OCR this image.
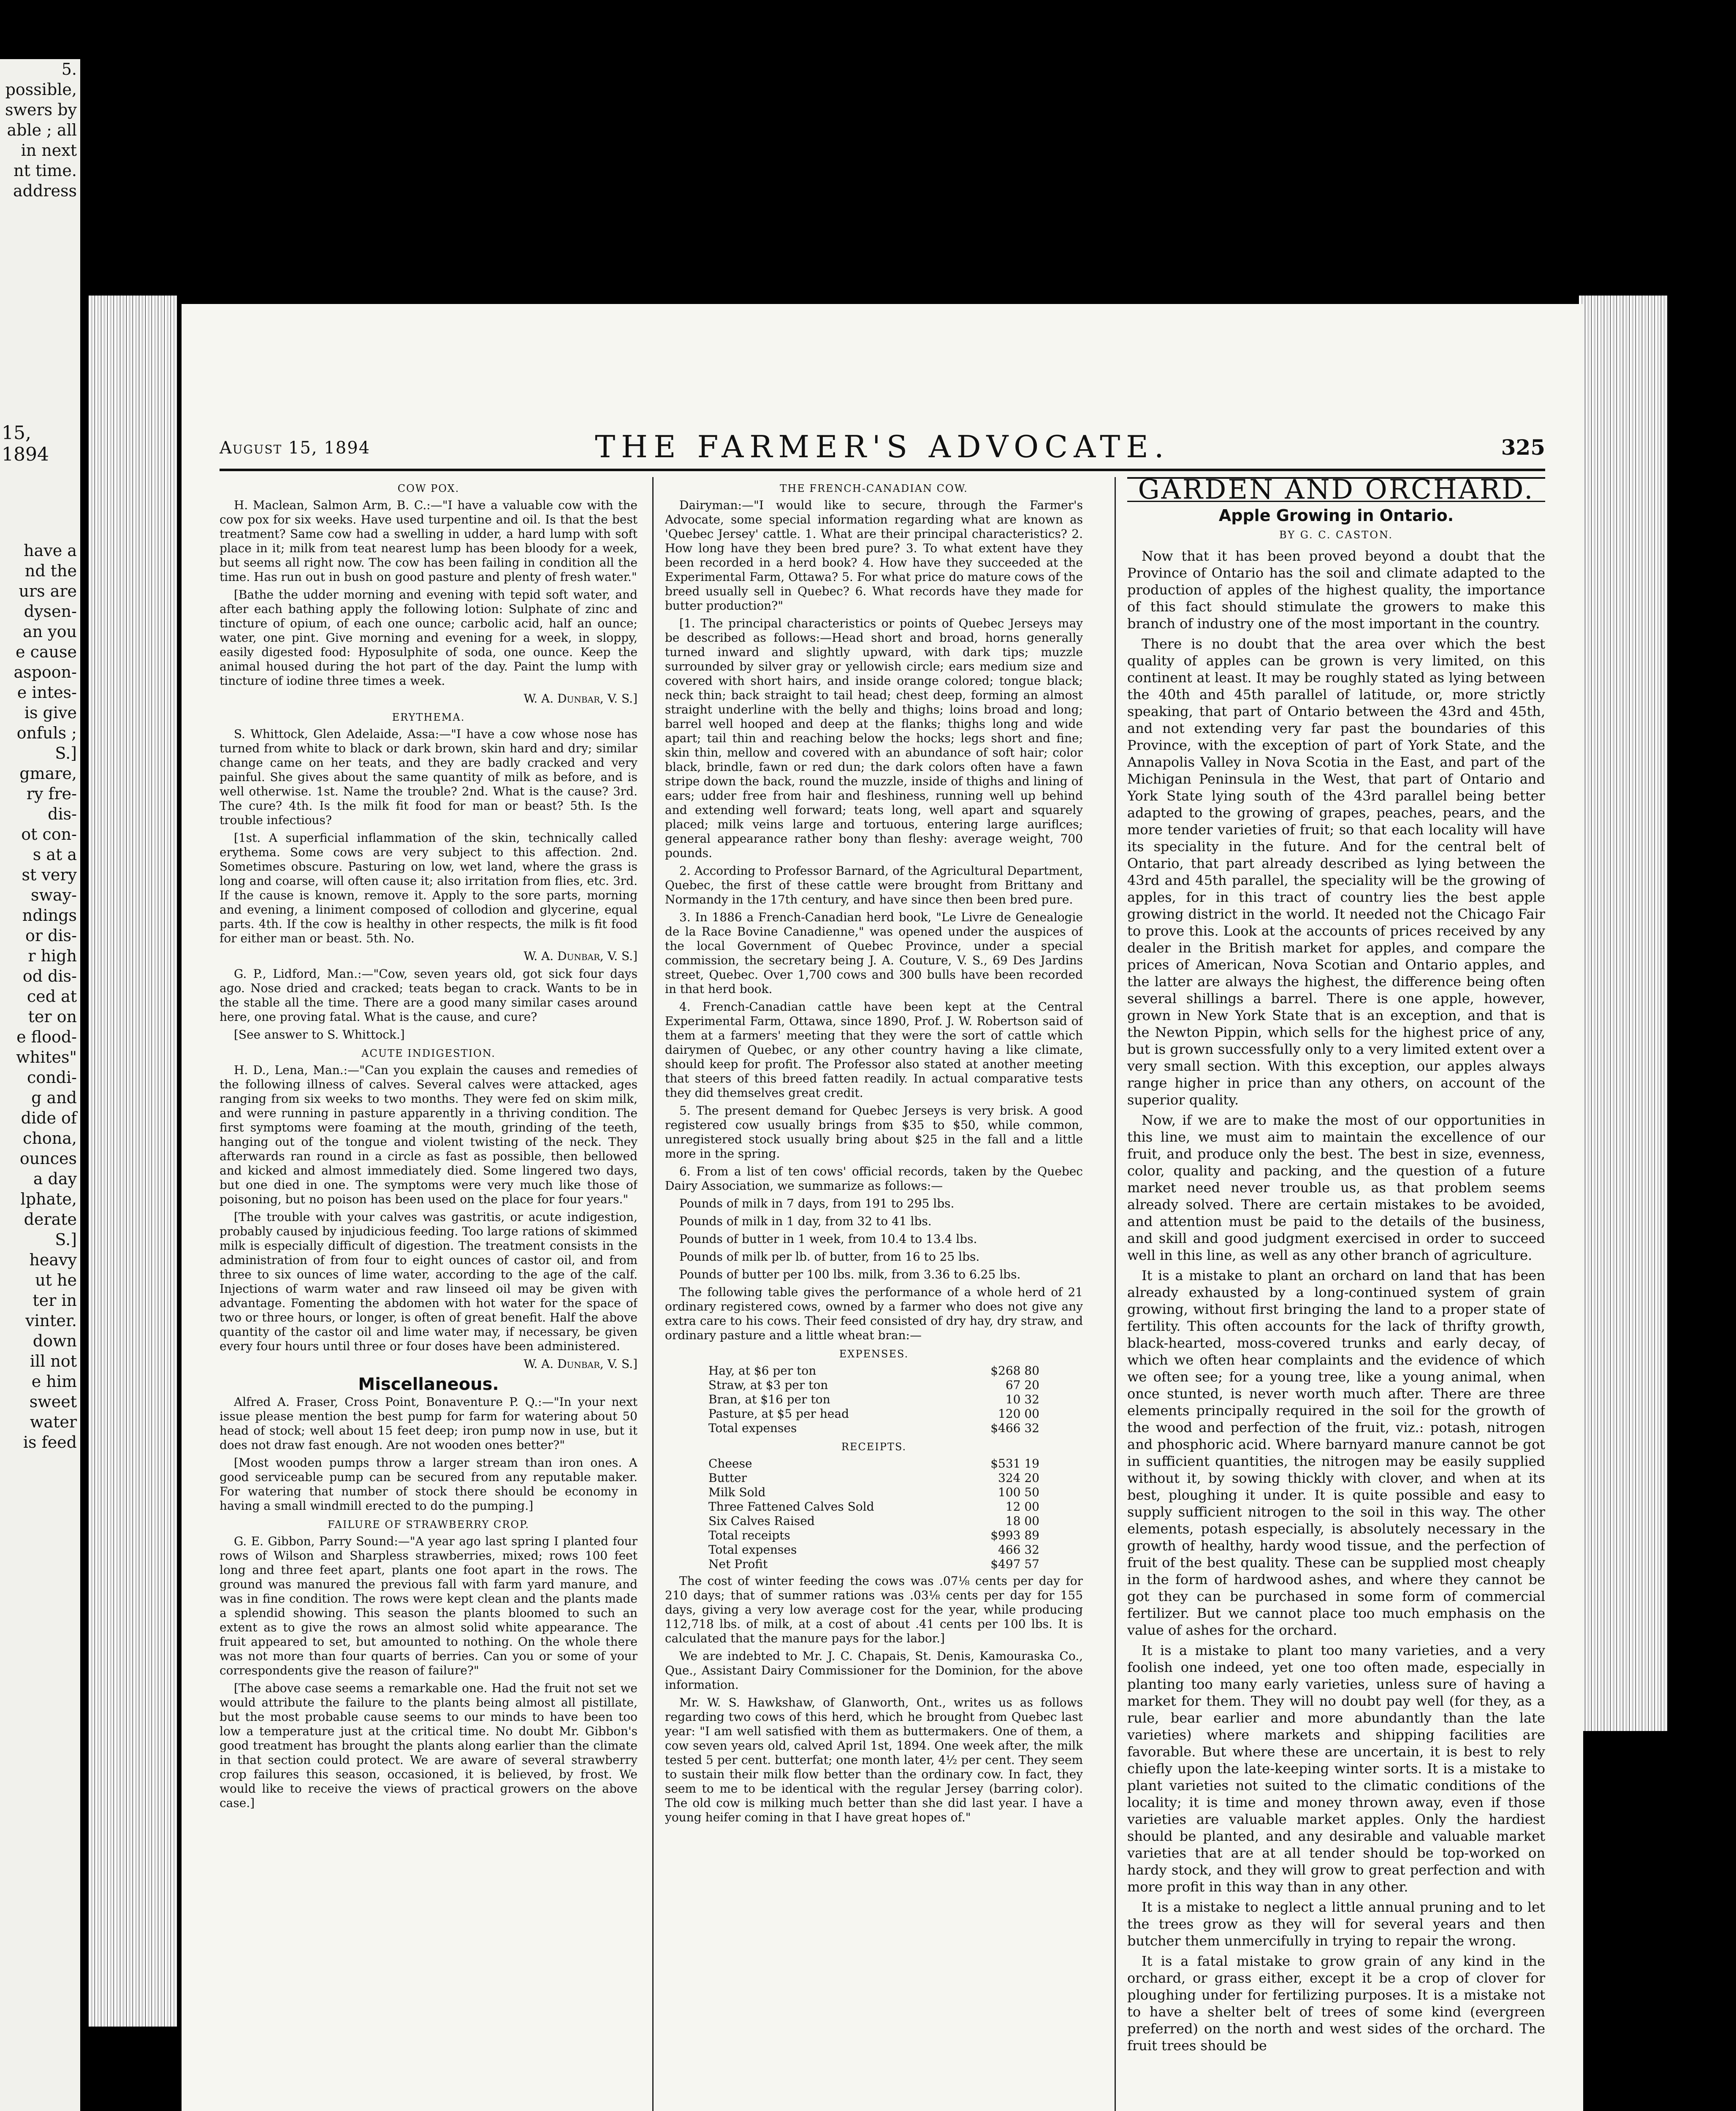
5.

possible,

swers by

able ; all

in next

nt time.

address

15, 1894

have a

nd the

urs are

dysen-

an you

e cause

aspoon-

e intes-

is give

onfuls ;

S.]

gmare,

ry fre-

dis-

ot con-

s at a

st very

sway-

ndings

or dis-

r high

od dis-

ced at

ter on

e flood-

whites"

condi-

g and

dide of

chona,

ounces

a day

lphate,

derate

S.]

heavy

ut he

ter in

vinter.

down

ill not

e him

sweet

water

is feed

August 15, 1894	THE FARMER'S ADVOCATE.	325

COW POX.

H. Maclean, Salmon Arm, B. C.:—"I have a valuable cow with the cow pox for six weeks. Have used turpentine and oil. Is that the best treatment? Same cow had a swelling in udder, a hard lump with soft place in it; milk from teat nearest lump has been bloody for a week, but seems all right now. The cow has been failing in condition all the time. Has run out in bush on good pasture and plenty of fresh water."

[Bathe the udder morning and evening with tepid soft water, and after each bathing apply the following lotion: Sulphate of zinc and tincture of opium, of each one ounce; carbolic acid, half an ounce; water, one pint. Give morning and evening for a week, in sloppy, easily digested food: Hyposulphite of soda, one ounce. Keep the animal housed during the hot part of the day. Paint the lump with tincture of iodine three times a week.

W. A. Dunbar, V. S.]

ERYTHEMA.

S. Whittock, Glen Adelaide, Assa:—"I have a cow whose nose has turned from white to black or dark brown, skin hard and dry; similar change came on her teats, and they are badly cracked and very painful. She gives about the same quantity of milk as before, and is well otherwise. 1st. Name the trouble? 2nd. What is the cause? 3rd. The cure? 4th. Is the milk fit food for man or beast? 5th. Is the trouble infectious?

[1st. A superficial inflammation of the skin, technically called erythema. Some cows are very subject to this affection. 2nd. Sometimes obscure. Pasturing on low, wet land, where the grass is long and coarse, will often cause it; also irritation from flies, etc. 3rd. If the cause is known, remove it. Apply to the sore parts, morning and evening, a liniment composed of collodion and glycerine, equal parts. 4th. If the cow is healthy in other respects, the milk is fit food for either man or beast. 5th. No.

W. A. Dunbar, V. S.]

G. P., Lidford, Man.:—"Cow, seven years old, got sick four days ago. Nose dried and cracked; teats began to crack. Wants to be in the stable all the time. There are a good many similar cases around here, one proving fatal. What is the cause, and cure?

[See answer to S. Whittock.]

ACUTE INDIGESTION.

H. D., Lena, Man.:—"Can you explain the causes and remedies of the following illness of calves. Several calves were attacked, ages ranging from six weeks to two months. They were fed on skim milk, and were running in pasture apparently in a thriving condition. The first symptoms were foaming at the mouth, grinding of the teeth, hanging out of the tongue and violent twisting of the neck. They afterwards ran round in a circle as fast as possible, then bellowed and kicked and almost immediately died. Some lingered two days, but one died in one. The symptoms were very much like those of poisoning, but no poison has been used on the place for four years."

[The trouble with your calves was gastritis, or acute indigestion, probably caused by injudicious feeding. Too large rations of skimmed milk is especially difficult of digestion. The treatment consists in the administration of from four to eight ounces of castor oil, and from three to six ounces of lime water, according to the age of the calf. Injections of warm water and raw linseed oil may be given with advantage. Fomenting the abdomen with hot water for the space of two or three hours, or longer, is often of great benefit. Half the above quantity of the castor oil and lime water may, if necessary, be given every four hours until three or four doses have been administered.

W. A. Dunbar, V. S.]

Miscellaneous.

Alfred A. Fraser, Cross Point, Bonaventure P. Q.:—"In your next issue please mention the best pump for farm for watering about 50 head of stock; well about 15 feet deep; iron pump now in use, but it does not draw fast enough. Are not wooden ones better?"

[Most wooden pumps throw a larger stream than iron ones. A good serviceable pump can be secured from any reputable maker. For watering that number of stock there should be economy in having a small windmill erected to do the pumping.]

FAILURE OF STRAWBERRY CROP.

G. E. Gibbon, Parry Sound:—"A year ago last spring I planted four rows of Wilson and Sharpless strawberries, mixed; rows 100 feet long and three feet apart, plants one foot apart in the rows. The ground was manured the previous fall with farm yard manure, and was in fine condition. The rows were kept clean and the plants made a splendid showing. This season the plants bloomed to such an extent as to give the rows an almost solid white appearance. The fruit appeared to set, but amounted to nothing. On the whole there was not more than four quarts of berries. Can you or some of your correspondents give the reason of failure?"

[The above case seems a remarkable one. Had the fruit not set we would attribute the failure to the plants being almost all pistillate, but the most probable cause seems to our minds to have been too low a temperature just at the critical time. No doubt Mr. Gibbon's good treatment has brought the plants along earlier than the climate in that section could protect. We are aware of several strawberry crop failures this season, occasioned, it is believed, by frost. We would like to receive the views of practical growers on the above case.]

THE FRENCH-CANADIAN COW.

Dairyman:—"I would like to secure, through the Farmer's Advocate, some special information regarding what are known as 'Quebec Jersey' cattle. 1. What are their principal characteristics? 2. How long have they been bred pure? 3. To what extent have they been recorded in a herd book? 4. How have they succeeded at the Experimental Farm, Ottawa? 5. For what price do mature cows of the breed usually sell in Quebec? 6. What records have they made for butter production?"

[1. The principal characteristics or points of Quebec Jerseys may be described as follows:—Head short and broad, horns generally turned inward and slightly upward, with dark tips; muzzle surrounded by silver gray or yellowish circle; ears medium size and covered with short hairs, and inside orange colored; tongue black; neck thin; back straight to tail head; chest deep, forming an almost straight underline with the belly and thighs; loins broad and long; barrel well hooped and deep at the flanks; thighs long and wide apart; tail thin and reaching below the hocks; legs short and fine; skin thin, mellow and covered with an abundance of soft hair; color black, brindle, fawn or red dun; the dark colors often have a fawn stripe down the back, round the muzzle, inside of thighs and lining of ears; udder free from hair and fleshiness, running well up behind and extending well forward; teats long, well apart and squarely placed; milk veins large and tortuous, entering large auriflces; general appearance rather bony than fleshy: average weight, 700 pounds.

2. According to Professor Barnard, of the Agricultural Department, Quebec, the first of these cattle were brought from Brittany and Normandy in the 17th century, and have since then been bred pure.

3. In 1886 a French-Canadian herd book, "Le Livre de Genealogie de la Race Bovine Canadienne," was opened under the auspices of the local Government of Quebec Province, under a special commission, the secretary being J. A. Couture, V. S., 69 Des Jardins street, Quebec. Over 1,700 cows and 300 bulls have been recorded in that herd book.

4. French-Canadian cattle have been kept at the Central Experimental Farm, Ottawa, since 1890, Prof. J. W. Robertson said of them at a farmers' meeting that they were the sort of cattle which dairymen of Quebec, or any other country having a like climate, should keep for profit. The Professor also stated at another meeting that steers of this breed fatten readily. In actual comparative tests they did themselves great credit.

5. The present demand for Quebec Jerseys is very brisk. A good registered cow usually brings from $35 to $50, while common, unregistered stock usually bring about $25 in the fall and a little more in the spring.

6. From a list of ten cows' official records, taken by the Quebec Dairy Association, we summarize as follows:—

Pounds of milk in 7 days, from 191 to 295 lbs.

Pounds of milk in 1 day, from 32 to 41 lbs.

Pounds of butter in 1 week, from 10.4 to 13.4 lbs.

Pounds of milk per lb. of butter, from 16 to 25 lbs.

Pounds of butter per 100 lbs. milk, from 3.36 to 6.25 lbs.

The following table gives the performance of a whole herd of 21 ordinary registered cows, owned by a farmer who does not give any extra care to his cows. Their feed consisted of dry hay, dry straw, and ordinary pasture and a little wheat bran:—

EXPENSES.

Hay, at $6 per ton	$268 80
Straw, at $3 per ton	67 20
Bran, at $16 per ton	10 32
Pasture, at $5 per head	120 00
Total expenses	$466 32

RECEIPTS.

Cheese	$531 19
Butter	324 20
Milk Sold	100 50
Three Fattened Calves Sold	12 00
Six Calves Raised	18 00
Total receipts	$993 89
Total expenses	466 32
Net Profit	$497 57

The cost of winter feeding the cows was .07⅛ cents per day for 210 days; that of summer rations was .03⅛ cents per day for 155 days, giving a very low average cost for the year, while producing 112,718 lbs. of milk, at a cost of about .41 cents per 100 lbs. It is calculated that the manure pays for the labor.]

We are indebted to Mr. J. C. Chapais, St. Denis, Kamouraska Co., Que., Assistant Dairy Commissioner for the Dominion, for the above information.

Mr. W. S. Hawkshaw, of Glanworth, Ont., writes us as follows regarding two cows of this herd, which he brought from Quebec last year: "I am well satisfied with them as buttermakers. One of them, a cow seven years old, calved April 1st, 1894. One week after, the milk tested 5 per cent. butterfat; one month later, 4½ per cent. They seem to sustain their milk flow better than the ordinary cow. In fact, they seem to me to be identical with the regular Jersey (barring color). The old cow is milking much better than she did last year. I have a young heifer coming in that I have great hopes of."

GARDEN AND ORCHARD.

Apple Growing in Ontario.

BY G. C. CASTON.

Now that it has been proved beyond a doubt that the Province of Ontario has the soil and climate adapted to the production of apples of the highest quality, the importance of this fact should stimulate the growers to make this branch of industry one of the most important in the country.

There is no doubt that the area over which the best quality of apples can be grown is very limited, on this continent at least. It may be roughly stated as lying between the 40th and 45th parallel of latitude, or, more strictly speaking, that part of Ontario between the 43rd and 45th, and not extending very far past the boundaries of this Province, with the exception of part of York State, and the Annapolis Valley in Nova Scotia in the East, and part of the Michigan Peninsula in the West, that part of Ontario and York State lying south of the 43rd parallel being better adapted to the growing of grapes, peaches, pears, and the more tender varieties of fruit; so that each locality will have its speciality in the future. And for the central belt of Ontario, that part already described as lying between the 43rd and 45th parallel, the speciality will be the growing of apples, for in this tract of country lies the best apple growing district in the world. It needed not the Chicago Fair to prove this. Look at the accounts of prices received by any dealer in the British market for apples, and compare the prices of American, Nova Scotian and Ontario apples, and the latter are always the highest, the difference being often several shillings a barrel. There is one apple, however, grown in New York State that is an exception, and that is the Newton Pippin, which sells for the highest price of any, but is grown successfully only to a very limited extent over a very small section. With this exception, our apples always range higher in price than any others, on account of the superior quality.

Now, if we are to make the most of our opportunities in this line, we must aim to maintain the excellence of our fruit, and produce only the best. The best in size, evenness, color, quality and packing, and the question of a future market need never trouble us, as that problem seems already solved. There are certain mistakes to be avoided, and attention must be paid to the details of the business, and skill and good judgment exercised in order to succeed well in this line, as well as any other branch of agriculture.

It is a mistake to plant an orchard on land that has been already exhausted by a long-continued system of grain growing, without first bringing the land to a proper state of fertility. This often accounts for the lack of thrifty growth, black-hearted, moss-covered trunks and early decay, of which we often hear complaints and the evidence of which we often see; for a young tree, like a young animal, when once stunted, is never worth much after. There are three elements principally required in the soil for the growth of the wood and perfection of the fruit, viz.: potash, nitrogen and phosphoric acid. Where barnyard manure cannot be got in sufficient quantities, the nitrogen may be easily supplied without it, by sowing thickly with clover, and when at its best, ploughing it under. It is quite possible and easy to supply sufficient nitrogen to the soil in this way. The other elements, potash especially, is absolutely necessary in the growth of healthy, hardy wood tissue, and the perfection of fruit of the best quality. These can be supplied most cheaply in the form of hardwood ashes, and where they cannot be got they can be purchased in some form of commercial fertilizer. But we cannot place too much emphasis on the value of ashes for the orchard.

It is a mistake to plant too many varieties, and a very foolish one indeed, yet one too often made, especially in planting too many early varieties, unless sure of having a market for them. They will no doubt pay well (for they, as a rule, bear earlier and more abundantly than the late varieties) where markets and shipping facilities are favorable. But where these are uncertain, it is best to rely chiefly upon the late-keeping winter sorts. It is a mistake to plant varieties not suited to the climatic conditions of the locality; it is time and money thrown away, even if those varieties are valuable market apples. Only the hardiest should be planted, and any desirable and valuable market varieties that are at all tender should be top-worked on hardy stock, and they will grow to great perfection and with more profit in this way than in any other.

It is a mistake to neglect a little annual pruning and to let the trees grow as they will for several years and then butcher them unmercifully in trying to repair the wrong.

It is a fatal mistake to grow grain of any kind in the orchard, or grass either, except it be a crop of clover for ploughing under for fertilizing purposes. It is a mistake not to have a shelter belt of trees of some kind (evergreen preferred) on the north and west sides of the orchard. The fruit trees should be
